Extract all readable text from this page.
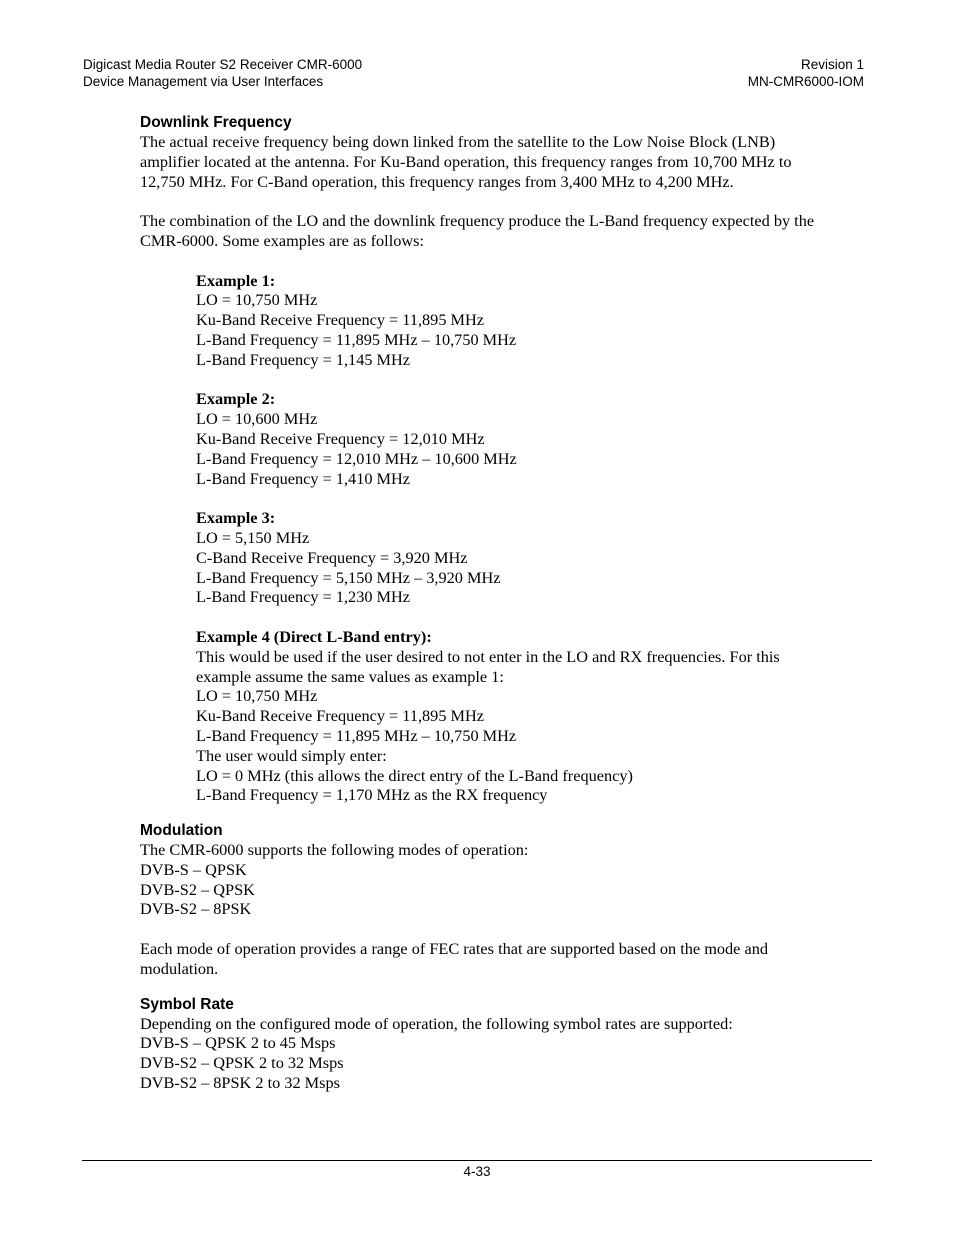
Digicast Media Router S2 Receiver CMR-6000
Device Management via User Interfaces
Revision 1
MN-CMR6000-IOM
Downlink Frequency
The actual receive frequency being down linked from the satellite to the Low Noise Block (LNB)
amplifier located at the antenna. For Ku-Band operation, this frequency ranges from 10,700 MHz to
12,750 MHz. For C-Band operation, this frequency ranges from 3,400 MHz to 4,200 MHz.
The combination of the LO and the downlink frequency produce the L-Band frequency expected by the
CMR-6000. Some examples are as follows:
Example 1:
LO = 10,750 MHz
Ku-Band Receive Frequency = 11,895 MHz
L-Band Frequency = 11,895 MHz – 10,750 MHz
L-Band Frequency = 1,145 MHz
Example 2:
LO = 10,600 MHz
Ku-Band Receive Frequency = 12,010 MHz
L-Band Frequency = 12,010 MHz – 10,600 MHz
L-Band Frequency = 1,410 MHz
Example 3:
LO = 5,150 MHz
C-Band Receive Frequency = 3,920 MHz
L-Band Frequency = 5,150 MHz – 3,920 MHz
L-Band Frequency = 1,230 MHz
Example 4 (Direct L-Band entry):
This would be used if the user desired to not enter in the LO and RX frequencies. For this
example assume the same values as example 1:
LO = 10,750 MHz
Ku-Band Receive Frequency = 11,895 MHz
L-Band Frequency = 11,895 MHz – 10,750 MHz
The user would simply enter:
LO = 0 MHz (this allows the direct entry of the L-Band frequency)
L-Band Frequency = 1,170 MHz as the RX frequency
Modulation
The CMR-6000 supports the following modes of operation:
DVB-S – QPSK
DVB-S2 – QPSK
DVB-S2 – 8PSK
Each mode of operation provides a range of FEC rates that are supported based on the mode and
modulation.
Symbol Rate
Depending on the configured mode of operation, the following symbol rates are supported:
DVB-S – QPSK 2 to 45 Msps
DVB-S2 – QPSK 2 to 32 Msps
DVB-S2 – 8PSK 2 to 32 Msps
4-33
